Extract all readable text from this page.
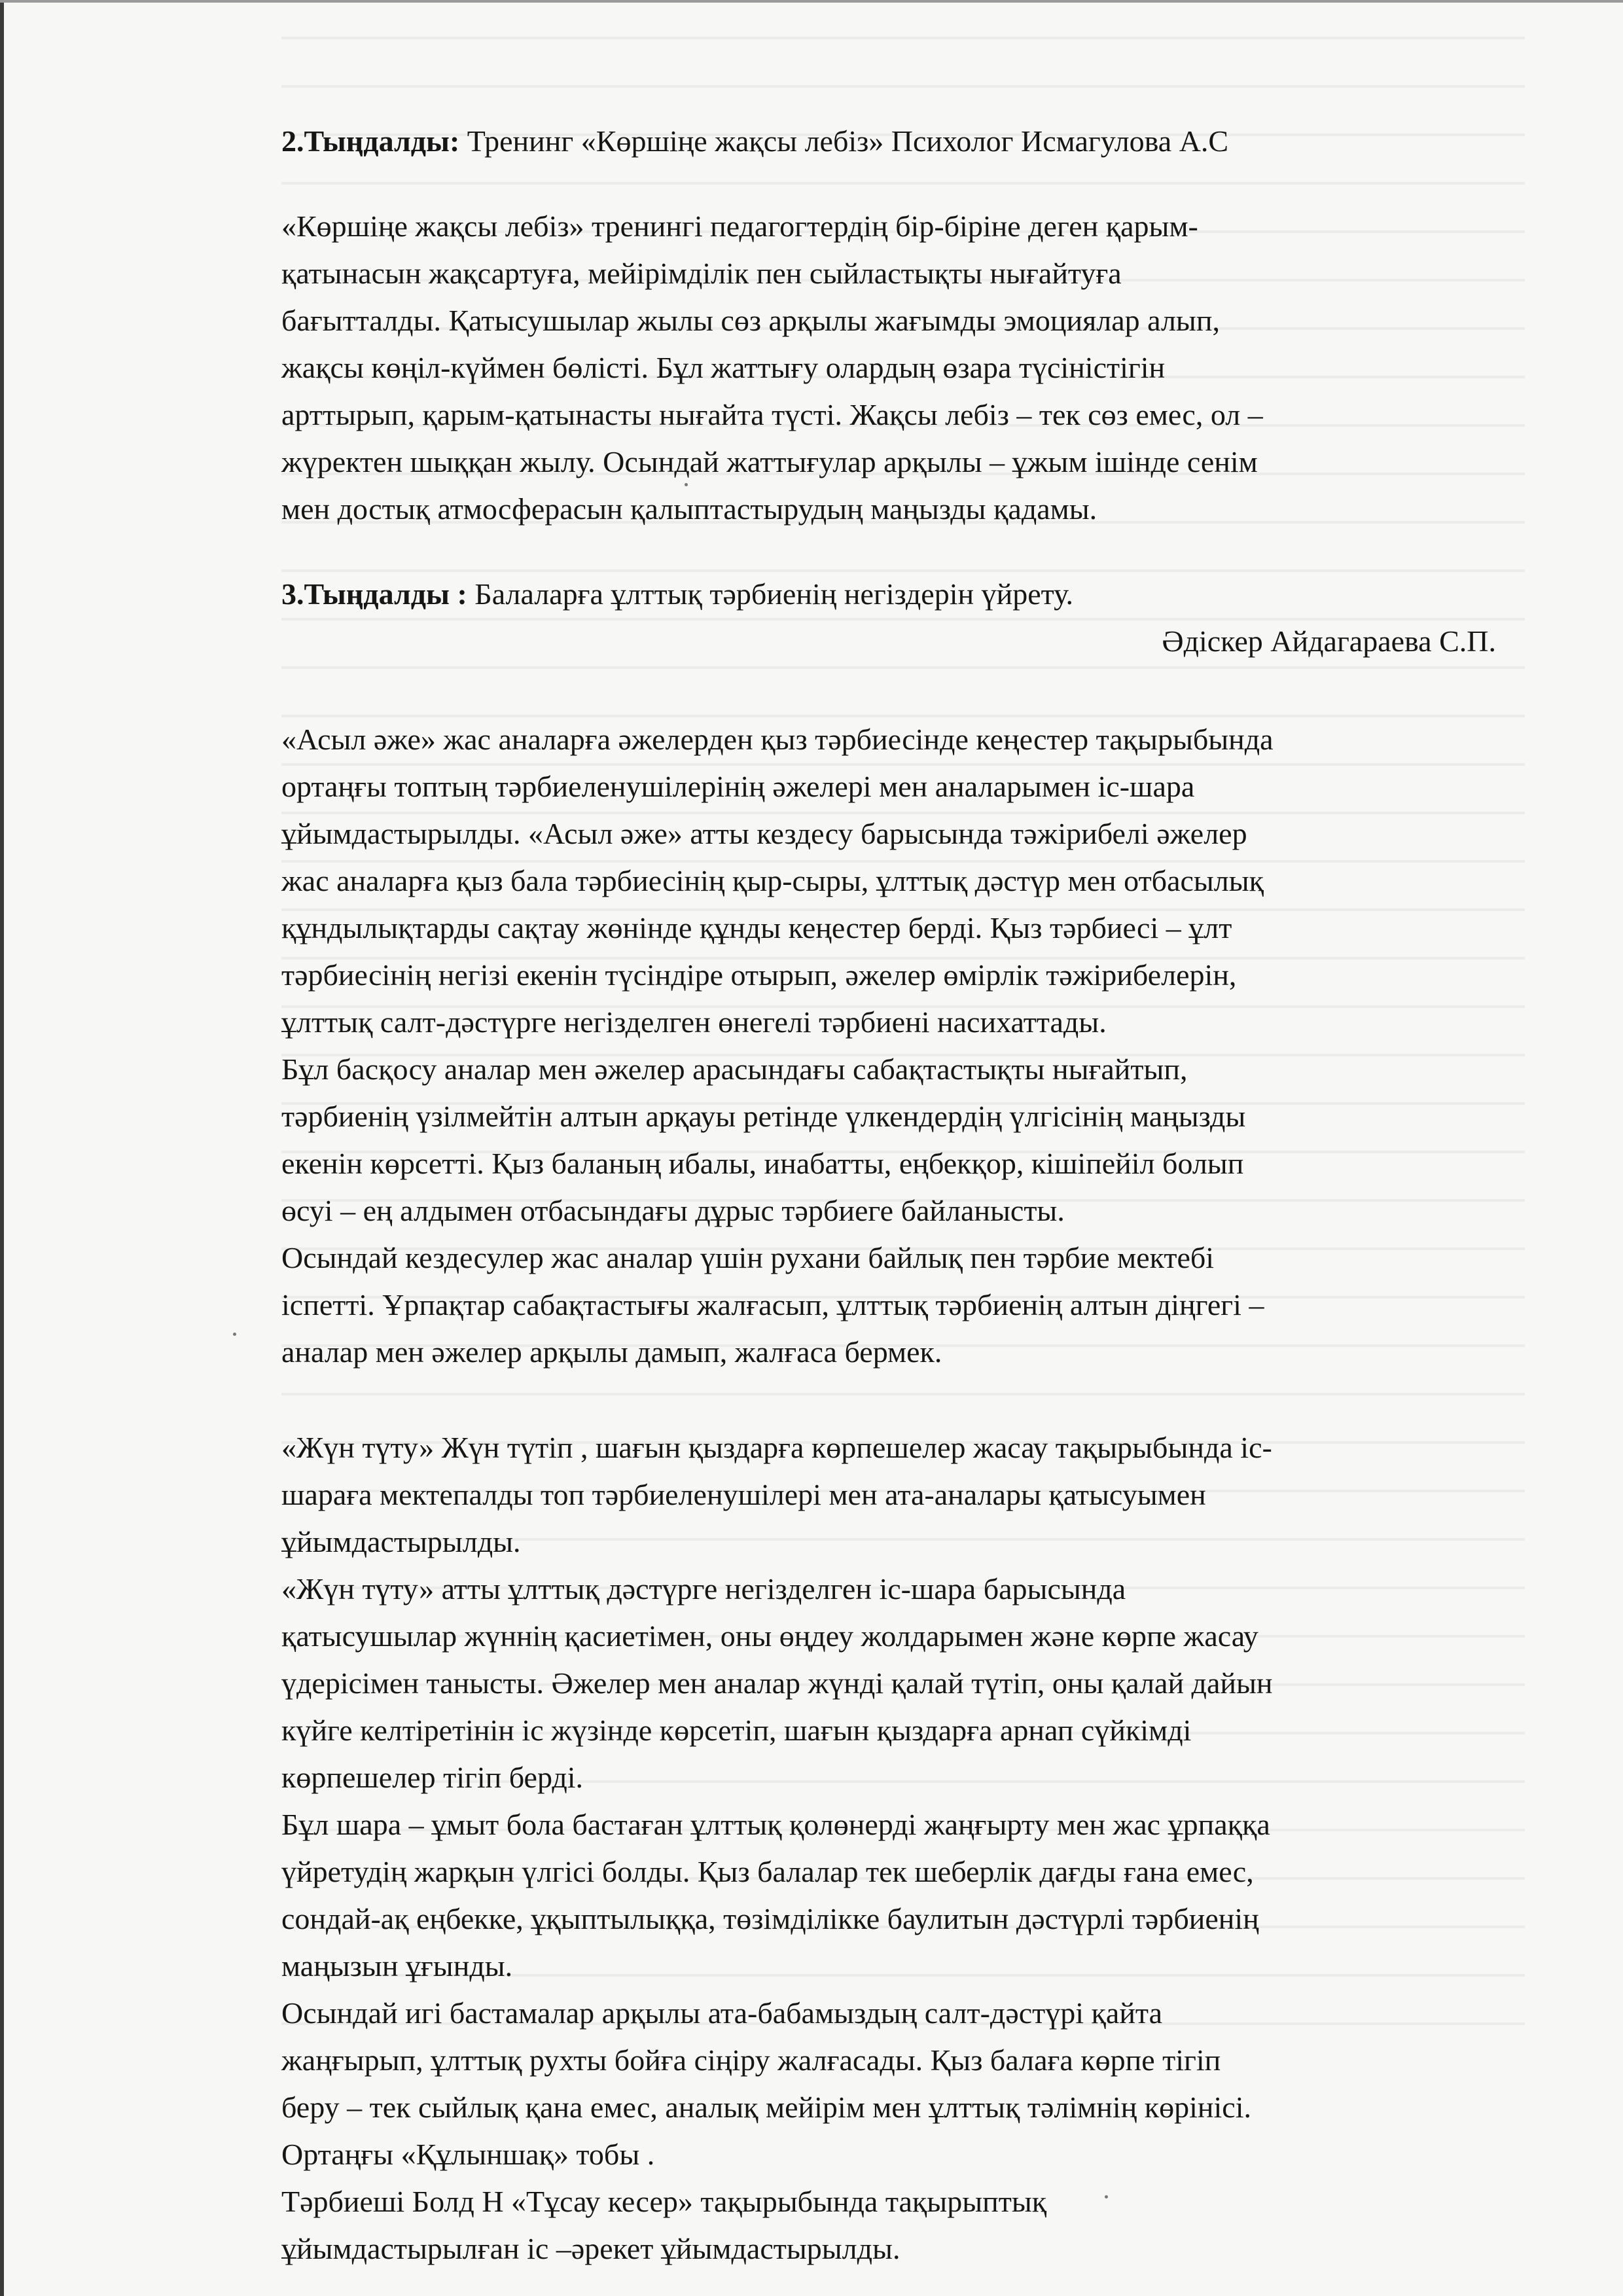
2.Тыңдалды: Тренинг «Көршіңе жақсы лебіз» Психолог Исмагулова А.С

«Көршіңе жақсы лебіз» тренингі педагогтердің бір-біріне деген қарым-
қатынасын жақсартуға, мейірімділік пен сыйластықты нығайтуға
бағытталды. Қатысушылар жылы сөз арқылы жағымды эмоциялар алып,
жақсы көңіл-күймен бөлісті. Бұл жаттығу олардың өзара түсіністігін
арттырып, қарым-қатынасты нығайта түсті. Жақсы лебіз – тек сөз емес, ол –
жүректен шыққан жылу. Осындай жаттығулар арқылы – ұжым ішінде сенім
мен достық атмосферасын қалыптастырудың маңызды қадамы.

3.Тыңдалды : Балаларға ұлттық тәрбиенің негіздерін үйрету.

Әдіскер Айдагараева С.П.

«Асыл әже» жас аналарға әжелерден қыз тәрбиесінде кеңестер тақырыбында
ортаңғы топтың тәрбиеленушілерінің әжелері мен аналарымен іс-шара
ұйымдастырылды. «Асыл әже» атты кездесу барысында тәжірибелі әжелер
жас аналарға қыз бала тәрбиесінің қыр-сыры, ұлттық дәстүр мен отбасылық
құндылықтарды сақтау жөнінде құнды кеңестер берді. Қыз тәрбиесі – ұлт
тәрбиесінің негізі екенін түсіндіре отырып, әжелер өмірлік тәжірибелерін,
ұлттық салт-дәстүрге негізделген өнегелі тәрбиені насихаттады.
Бұл басқосу аналар мен әжелер арасындағы сабақтастықты нығайтып,
тәрбиенің үзілмейтін алтын арқауы ретінде үлкендердің үлгісінің маңызды
екенін көрсетті. Қыз баланың ибалы, инабатты, еңбекқор, кішіпейіл болып
өсуі – ең алдымен отбасындағы дұрыс тәрбиеге байланысты.
Осындай кездесулер жас аналар үшін рухани байлық пен тәрбие мектебі
іспетті. Ұрпақтар сабақтастығы жалғасып, ұлттық тәрбиенің алтын діңгегі –
аналар мен әжелер арқылы дамып, жалғаса бермек.

«Жүн түту» Жүн түтіп , шағын қыздарға көрпешелер жасау тақырыбында іс-
шараға мектепалды топ тәрбиеленушілері мен ата-аналары қатысуымен
ұйымдастырылды.
«Жүн түту» атты ұлттық дәстүрге негізделген іс-шара барысында
қатысушылар жүннің қасиетімен, оны өңдеу жолдарымен және көрпе жасау
үдерісімен танысты. Әжелер мен аналар жүнді қалай түтіп, оны қалай дайын
күйге келтіретінін іс жүзінде көрсетіп, шағын қыздарға арнап сүйкімді
көрпешелер тігіп берді.
Бұл шара – ұмыт бола бастаған ұлттық қолөнерді жаңғырту мен жас ұрпаққа
үйретудің жарқын үлгісі болды. Қыз балалар тек шеберлік дағды ғана емес,
сондай-ақ еңбекке, ұқыптылыққа, төзімділікке баулитын дәстүрлі тәрбиенің
маңызын ұғынды.
Осындай игі бастамалар арқылы ата-бабамыздың салт-дәстүрі қайта
жаңғырып, ұлттық рухты бойға сіңіру жалғасады. Қыз балаға көрпе тігіп
беру – тек сыйлық қана емес, аналық мейірім мен ұлттық тәлімнің көрінісі.
Ортаңғы «Құлыншақ» тобы .
Тәрбиеші Болд Н «Тұсау кесер» тақырыбында тақырыптық
ұйымдастырылған іс –әрекет ұйымдастырылды.
